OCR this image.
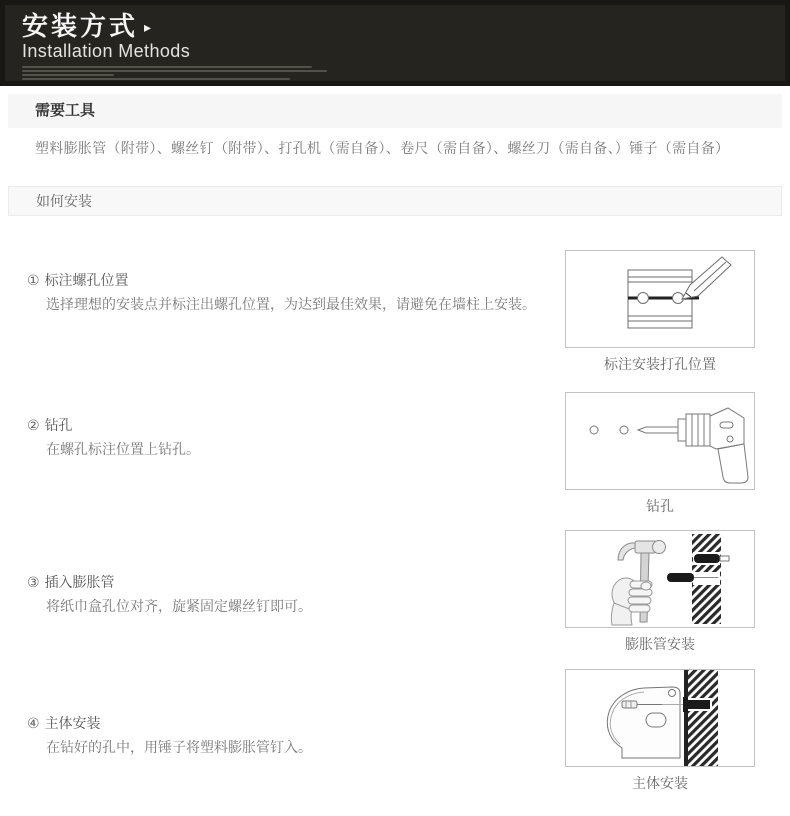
安装方式 ▸
Installation Methods
需要工具

塑料膨胀管（附带）、螺丝钉（附带）、打孔机（需自备）、卷尺（需自备）、螺丝刀（需自备、）锤子（需自备）

如何安装
① 标注螺孔位置

选择理想的安装点并标注出螺孔位置，为达到最佳效果，请避免在墙柱上安装。

标注安装打孔位置
② 钻孔

在螺孔标注位置上钻孔。

钻孔
③ 插入膨胀管

将纸巾盒孔位对齐，旋紧固定螺丝钉即可。

膨胀管安装
④ 主体安装

在钻好的孔中，用锤子将塑料膨胀管钉入。

主体安装
